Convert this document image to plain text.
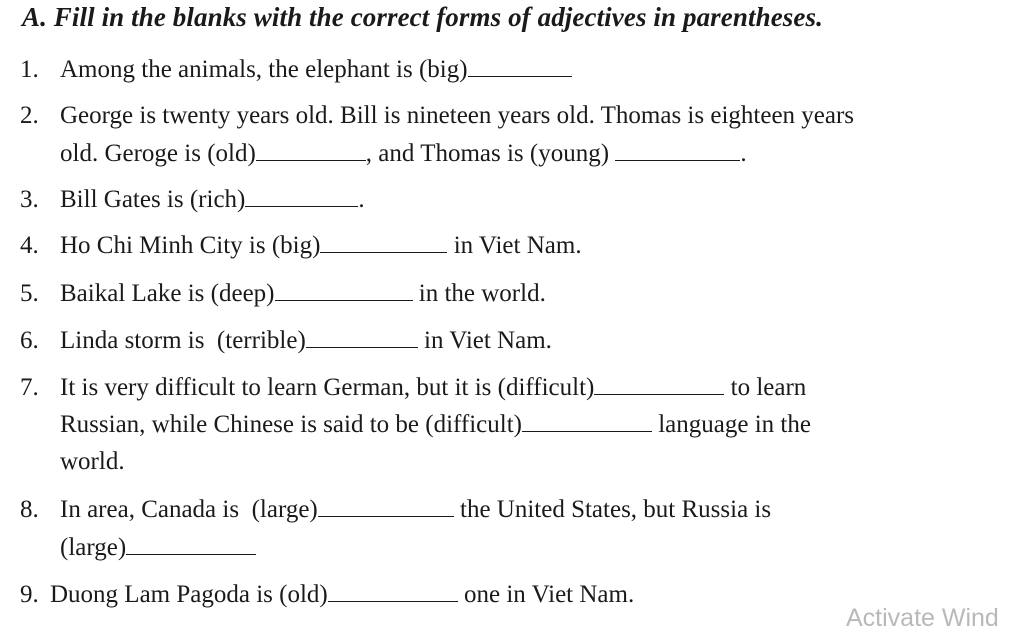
A. Fill in the blanks with the correct forms of adjectives in parentheses.
1. Among the animals, the elephant is (big)
2. George is twenty years old. Bill is nineteen years old. Thomas is eighteen years
old. Geroge is (old)	, and Thomas is (young)	.
3. Bill Gates is (rich)	.
4. Ho Chi Minh City is (big)	in Viet Nam.
5. Baikal Lake is (deep)	in the world.
6. Linda storm is  (terrible)	in Viet Nam.
7. It is very difficult to learn German, but it is (difficult)	to learn
Russian, while Chinese is said to be (difficult)	language in the
world.
8. In area, Canada is  (large)	the United States, but Russia is
(large)
9. Duong Lam Pagoda is (old)	one in Viet Nam.
Activate Wind
